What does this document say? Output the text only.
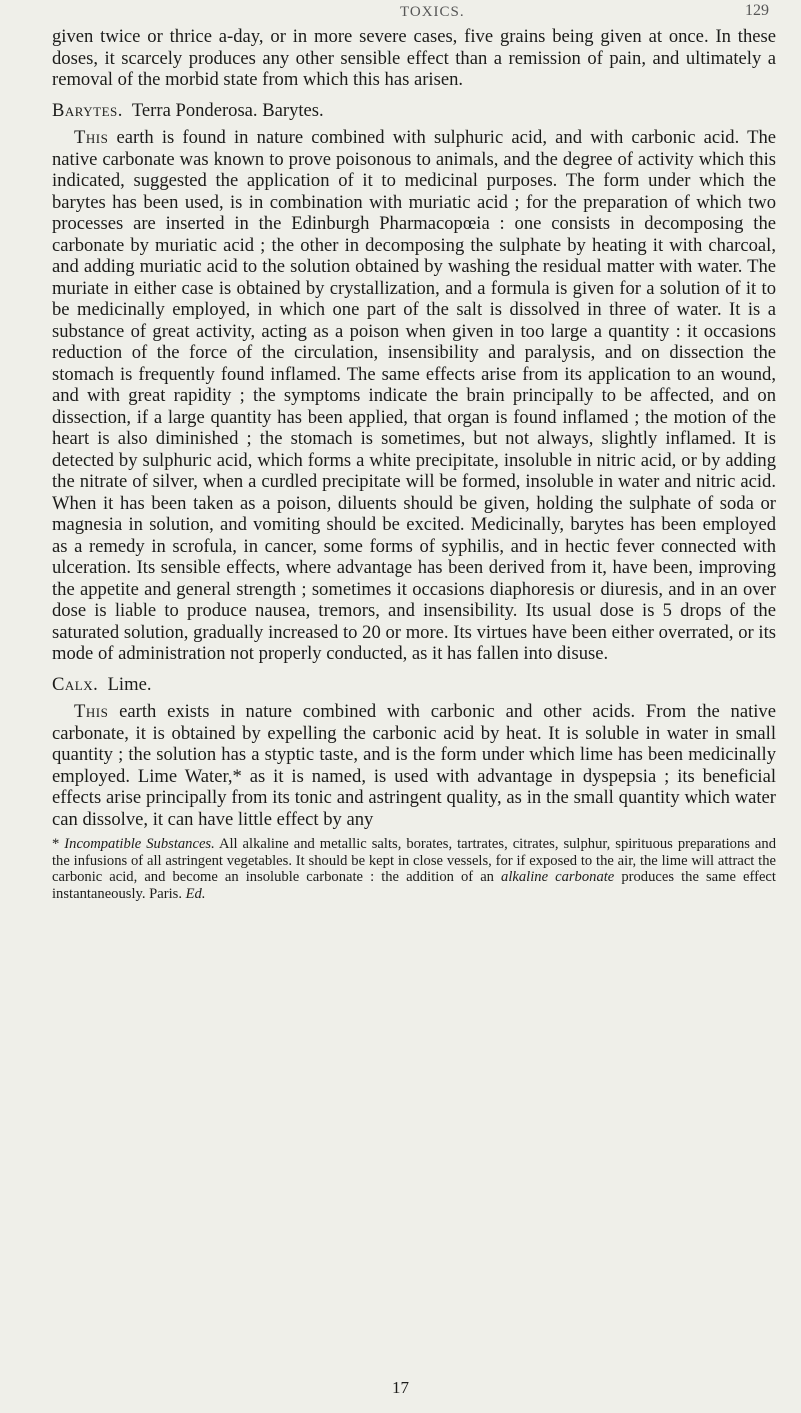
TOXICS.	129

given twice or thrice a-day, or in more severe cases, five grains being given at once. In these doses, it scarcely produces any other sensible effect than a remission of pain, and ultimately a removal of the morbid state from which this has arisen.

Barytes. Terra Ponderosa. Barytes.

This earth is found in nature combined with sulphuric acid, and with carbonic acid. The native carbonate was known to prove poisonous to animals, and the degree of activity which this indicated, suggested the application of it to medicinal purposes. The form under which the barytes has been used, is in combination with muriatic acid ; for the preparation of which two processes are inserted in the Edinburgh Pharmacopœia : one consists in decomposing the carbonate by muriatic acid ; the other in decomposing the sulphate by heating it with charcoal, and adding muriatic acid to the solution obtained by washing the residual matter with water. The muriate in either case is obtained by crystallization, and a formula is given for a solution of it to be medicinally employed, in which one part of the salt is dissolved in three of water. It is a substance of great activity, acting as a poison when given in too large a quantity : it occasions reduction of the force of the circulation, insensibility and paralysis, and on dissection the stomach is frequently found inflamed. The same effects arise from its application to an wound, and with great rapidity ; the symptoms indicate the brain principally to be affected, and on dissection, if a large quantity has been applied, that organ is found inflamed ; the motion of the heart is also diminished ; the stomach is sometimes, but not always, slightly inflamed. It is detected by sulphuric acid, which forms a white precipitate, insoluble in nitric acid, or by adding the nitrate of silver, when a curdled precipitate will be formed, insoluble in water and nitric acid. When it has been taken as a poison, diluents should be given, holding the sulphate of soda or magnesia in solution, and vomiting should be excited. Medicinally, barytes has been employed as a remedy in scrofula, in cancer, some forms of syphilis, and in hectic fever connected with ulceration. Its sensible effects, where advantage has been derived from it, have been, improving the appetite and general strength ; sometimes it occasions diaphoresis or diuresis, and in an over dose is liable to produce nausea, tremors, and insensibility. Its usual dose is 5 drops of the saturated solution, gradually increased to 20 or more. Its virtues have been either overrated, or its mode of administration not properly conducted, as it has fallen into disuse.

Calx. Lime.

This earth exists in nature combined with carbonic and other acids. From the native carbonate, it is obtained by expelling the carbonic acid by heat. It is soluble in water in small quantity ; the solution has a styptic taste, and is the form under which lime has been medicinally employed. Lime Water,* as it is named, is used with advantage in dyspepsia ; its beneficial effects arise principally from its tonic and astringent quality, as in the small quantity which water can dissolve, it can have little effect by any

* Incompatible Substances. All alkaline and metallic salts, borates, tartrates, citrates, sulphur, spirituous preparations and the infusions of all astringent vegetables. It should be kept in close vessels, for if exposed to the air, the lime will attract the carbonic acid, and become an insoluble carbonate : the addition of an alkaline carbonate produces the same effect instantaneously. Paris. Ed.

17
